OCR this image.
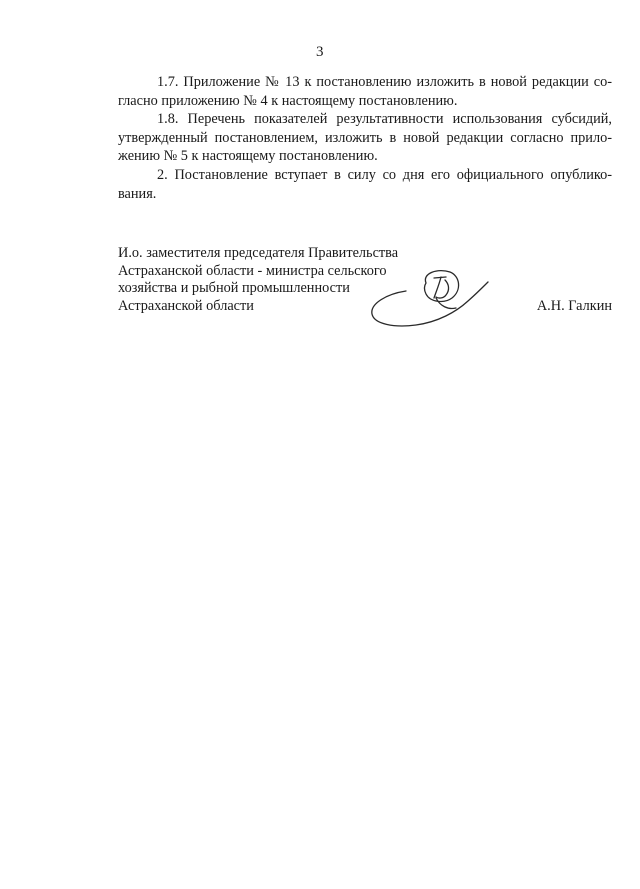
3

1.7. Приложение № 13 к постановлению изложить в новой редакции согласно приложению № 4 к настоящему постановлению.

1.8. Перечень показателей результативности использования субсидий, утвержденный постановлением, изложить в новой редакции согласно приложению № 5 к настоящему постановлению.

2. Постановление вступает в силу со дня его официального опубликования.

И.о. заместителя председателя Правительства
Астраханской области - министра сельского
хозяйства и рыбной промышленности
Астраханской области	А.Н. Галкин
